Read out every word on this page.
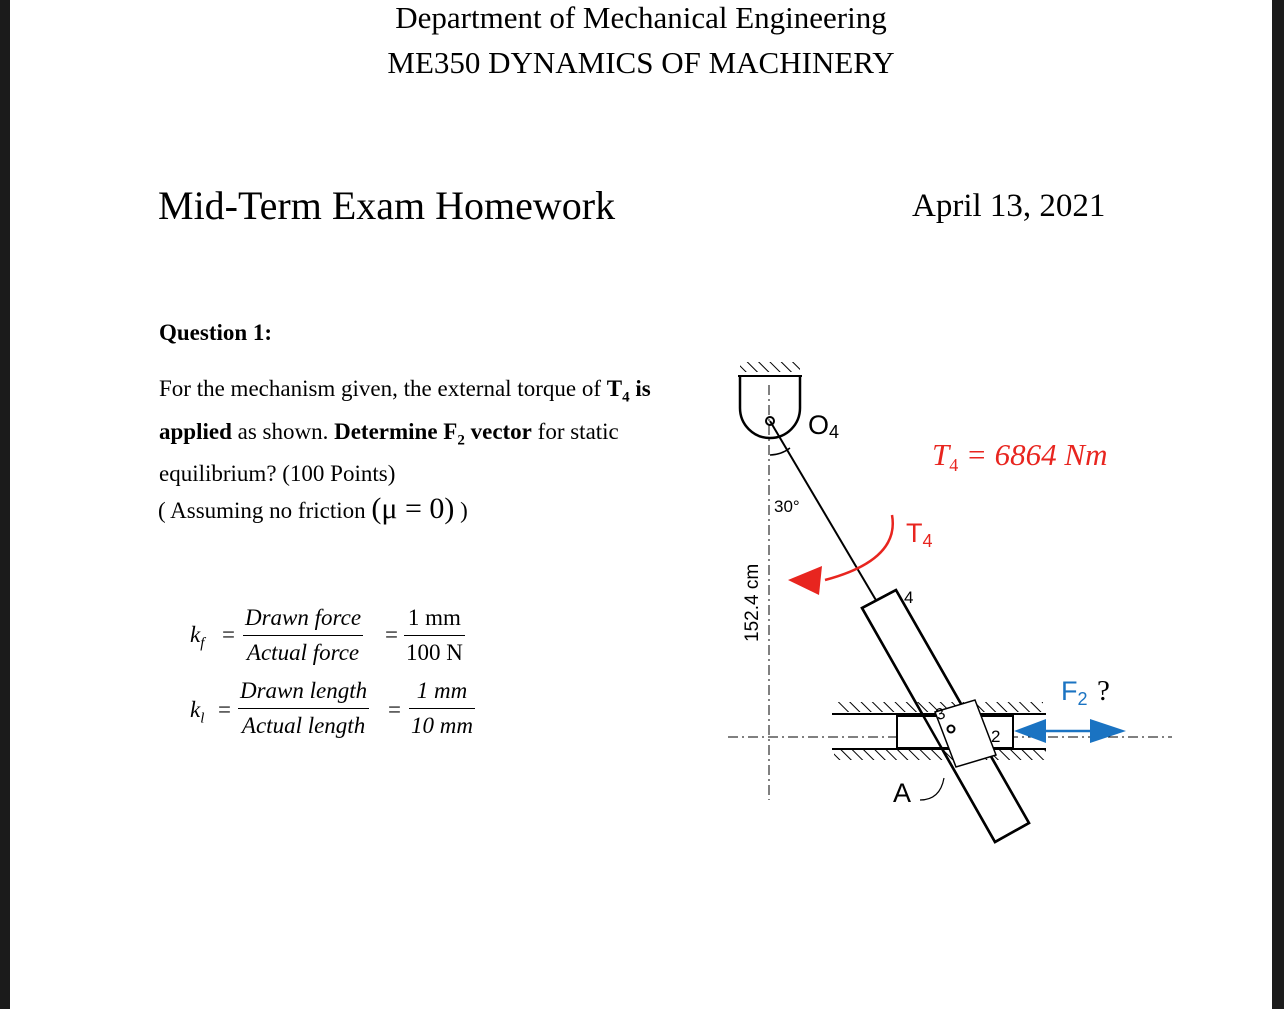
Department of Mechanical Engineering
ME350 DYNAMICS OF MACHINERY
Mid-Term Exam Homework	April 13, 2021
Question 1:
For the mechanism given, the external torque of $T_4$ is
applied as shown. Determine $F_2$ vector for static
equilibrium? (100 Points)
( Assuming no friction (μ = 0) )
$k_f$ =
Drawn force
Actual force
= $\frac{1 mm}{100 N}$
$k_l$ =
Drawn length
Actual length
= $\frac{1 mm}{10 mm}$
O4
30°
152.4 cm
T4
T4 = 6864 Nm
4
3
2
A
F2 ?
